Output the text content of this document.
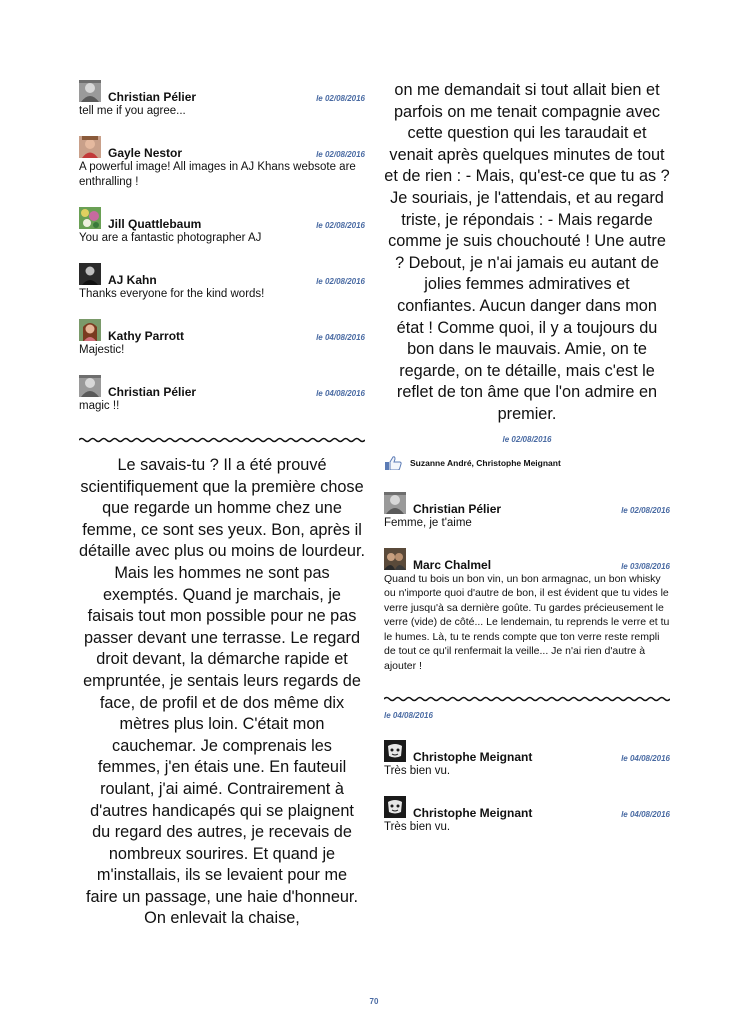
Christian Pélier	le 02/08/2016
tell me if you agree...
Gayle Nestor	le 02/08/2016
A powerful image! All images in AJ Khans websote are enthralling !
Jill Quattlebaum	le 02/08/2016
You are a fantastic photographer AJ
AJ Kahn	le 02/08/2016
Thanks everyone for the kind words!
Kathy Parrott	le 04/08/2016
Majestic!
Christian Pélier	le 04/08/2016
magic !!
Le savais-tu ? Il a été prouvé scientifiquement que la première chose que regarde un homme chez une femme, ce sont ses yeux. Bon, après il détaille avec plus ou moins de lourdeur. Mais les hommes ne sont pas exemptés. Quand je marchais, je faisais tout mon possible pour ne pas passer devant une terrasse. Le regard droit devant, la démarche rapide et empruntée, je sentais leurs regards de face, de profil et de dos même dix mètres plus loin. C'était mon cauchemar. Je comprenais les femmes, j'en étais une. En fauteuil roulant, j'ai aimé. Contrairement à d'autres handicapés qui se plaignent du regard des autres, je recevais de nombreux sourires. Et quand je m'installais, ils se levaient pour me faire un passage, une haie d'honneur. On enlevait la chaise,
on me demandait si tout allait bien et parfois on me tenait compagnie avec cette question qui les taraudait et venait après quelques minutes de tout et de rien : - Mais, qu'est-ce que tu as ? Je souriais, je l'attendais, et au regard triste, je répondais : - Mais regarde comme je suis chouchouté ! Une autre ? Debout, je n'ai jamais eu autant de jolies femmes admiratives et confiantes. Aucun danger dans mon état ! Comme quoi, il y a toujours du bon dans le mauvais. Amie, on te regarde, on te détaille, mais c'est le reflet de ton âme que l'on admire en premier.
le 02/08/2016
Suzanne André, Christophe Meignant
Christian Pélier	le 02/08/2016
Femme, je t'aime
Marc Chalmel	le 03/08/2016
Quand tu bois un bon vin, un bon armagnac, un bon whisky ou n'importe quoi d'autre de bon, il est évident que tu vides le verre jusqu'à sa dernière goûte. Tu gardes précieusement le verre (vide) de côté... Le lendemain, tu reprends le verre et tu le humes. Là, tu te rends compte que ton verre reste rempli de tout ce qu'il renfermait la veille... Je n'ai rien d'autre à ajouter !
le 04/08/2016
Christophe Meignant	le 04/08/2016
Très bien vu.
Christophe Meignant	le 04/08/2016
Très bien vu.
70
